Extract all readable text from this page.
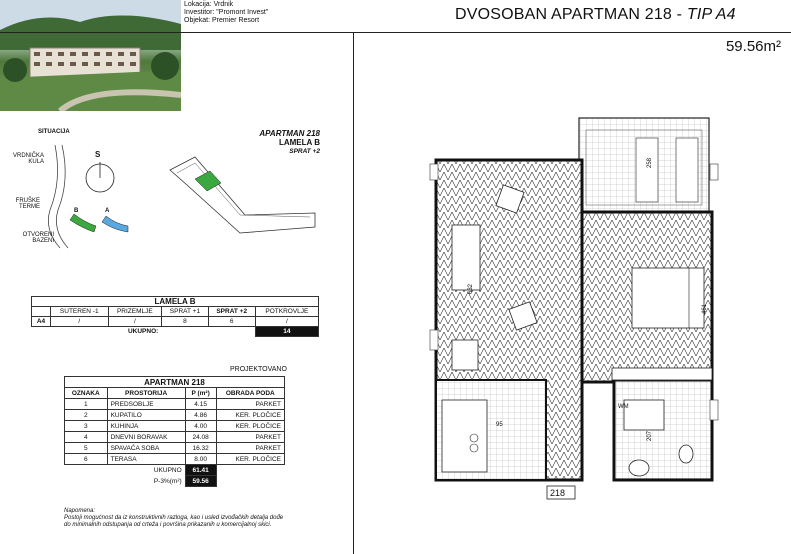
Lokacija: Vrdnik
Investitor: "Promont Invest"
Objekat: Premier Resort	DVOSOBAN APARTMAN 218 - TIP A4
59.56m²
SITUACIJA
S
VRDNIČKA KULA
FRUŠKE TERME
OTVORENI BAZENI
B	A
APARTMAN 218
LAMELA B
SPRAT +2
LAMELA B					
	SUTEREN -1	PRIZEMLJE	SPRAT +1	SPRAT +2	POTKROVLJE
A4	/	/	8	6	/
UKUPNO:					14
PROJEKTOVANO
APARTMAN 218			
OZNAKA	PROSTORIJA	P (m²)	OBRADA PODA
1	PREDSOBLJE	4.15	PARKET
2	KUPATILO	4.86	KER. PLOČICE
3	KUHINJA	4.00	KER. PLOČICE
4	DNEVNI BORAVAK	24.08	PARKET
5	SPAVAĆA SOBA	16.32	PARKET
6	TERASA	8.00	KER. PLOČICE
UKUPNO		61.41	
P-3%(m²)		59.56	
Napomena:
Postoji mogućnost da iz konstruktivnih razloga, kao i usled izvođačkih detalja dođe do minimalnih odstupanja od crteža i površina prikazanih u komercijalnoj skici.
218
258
632
461
95
207
WM
